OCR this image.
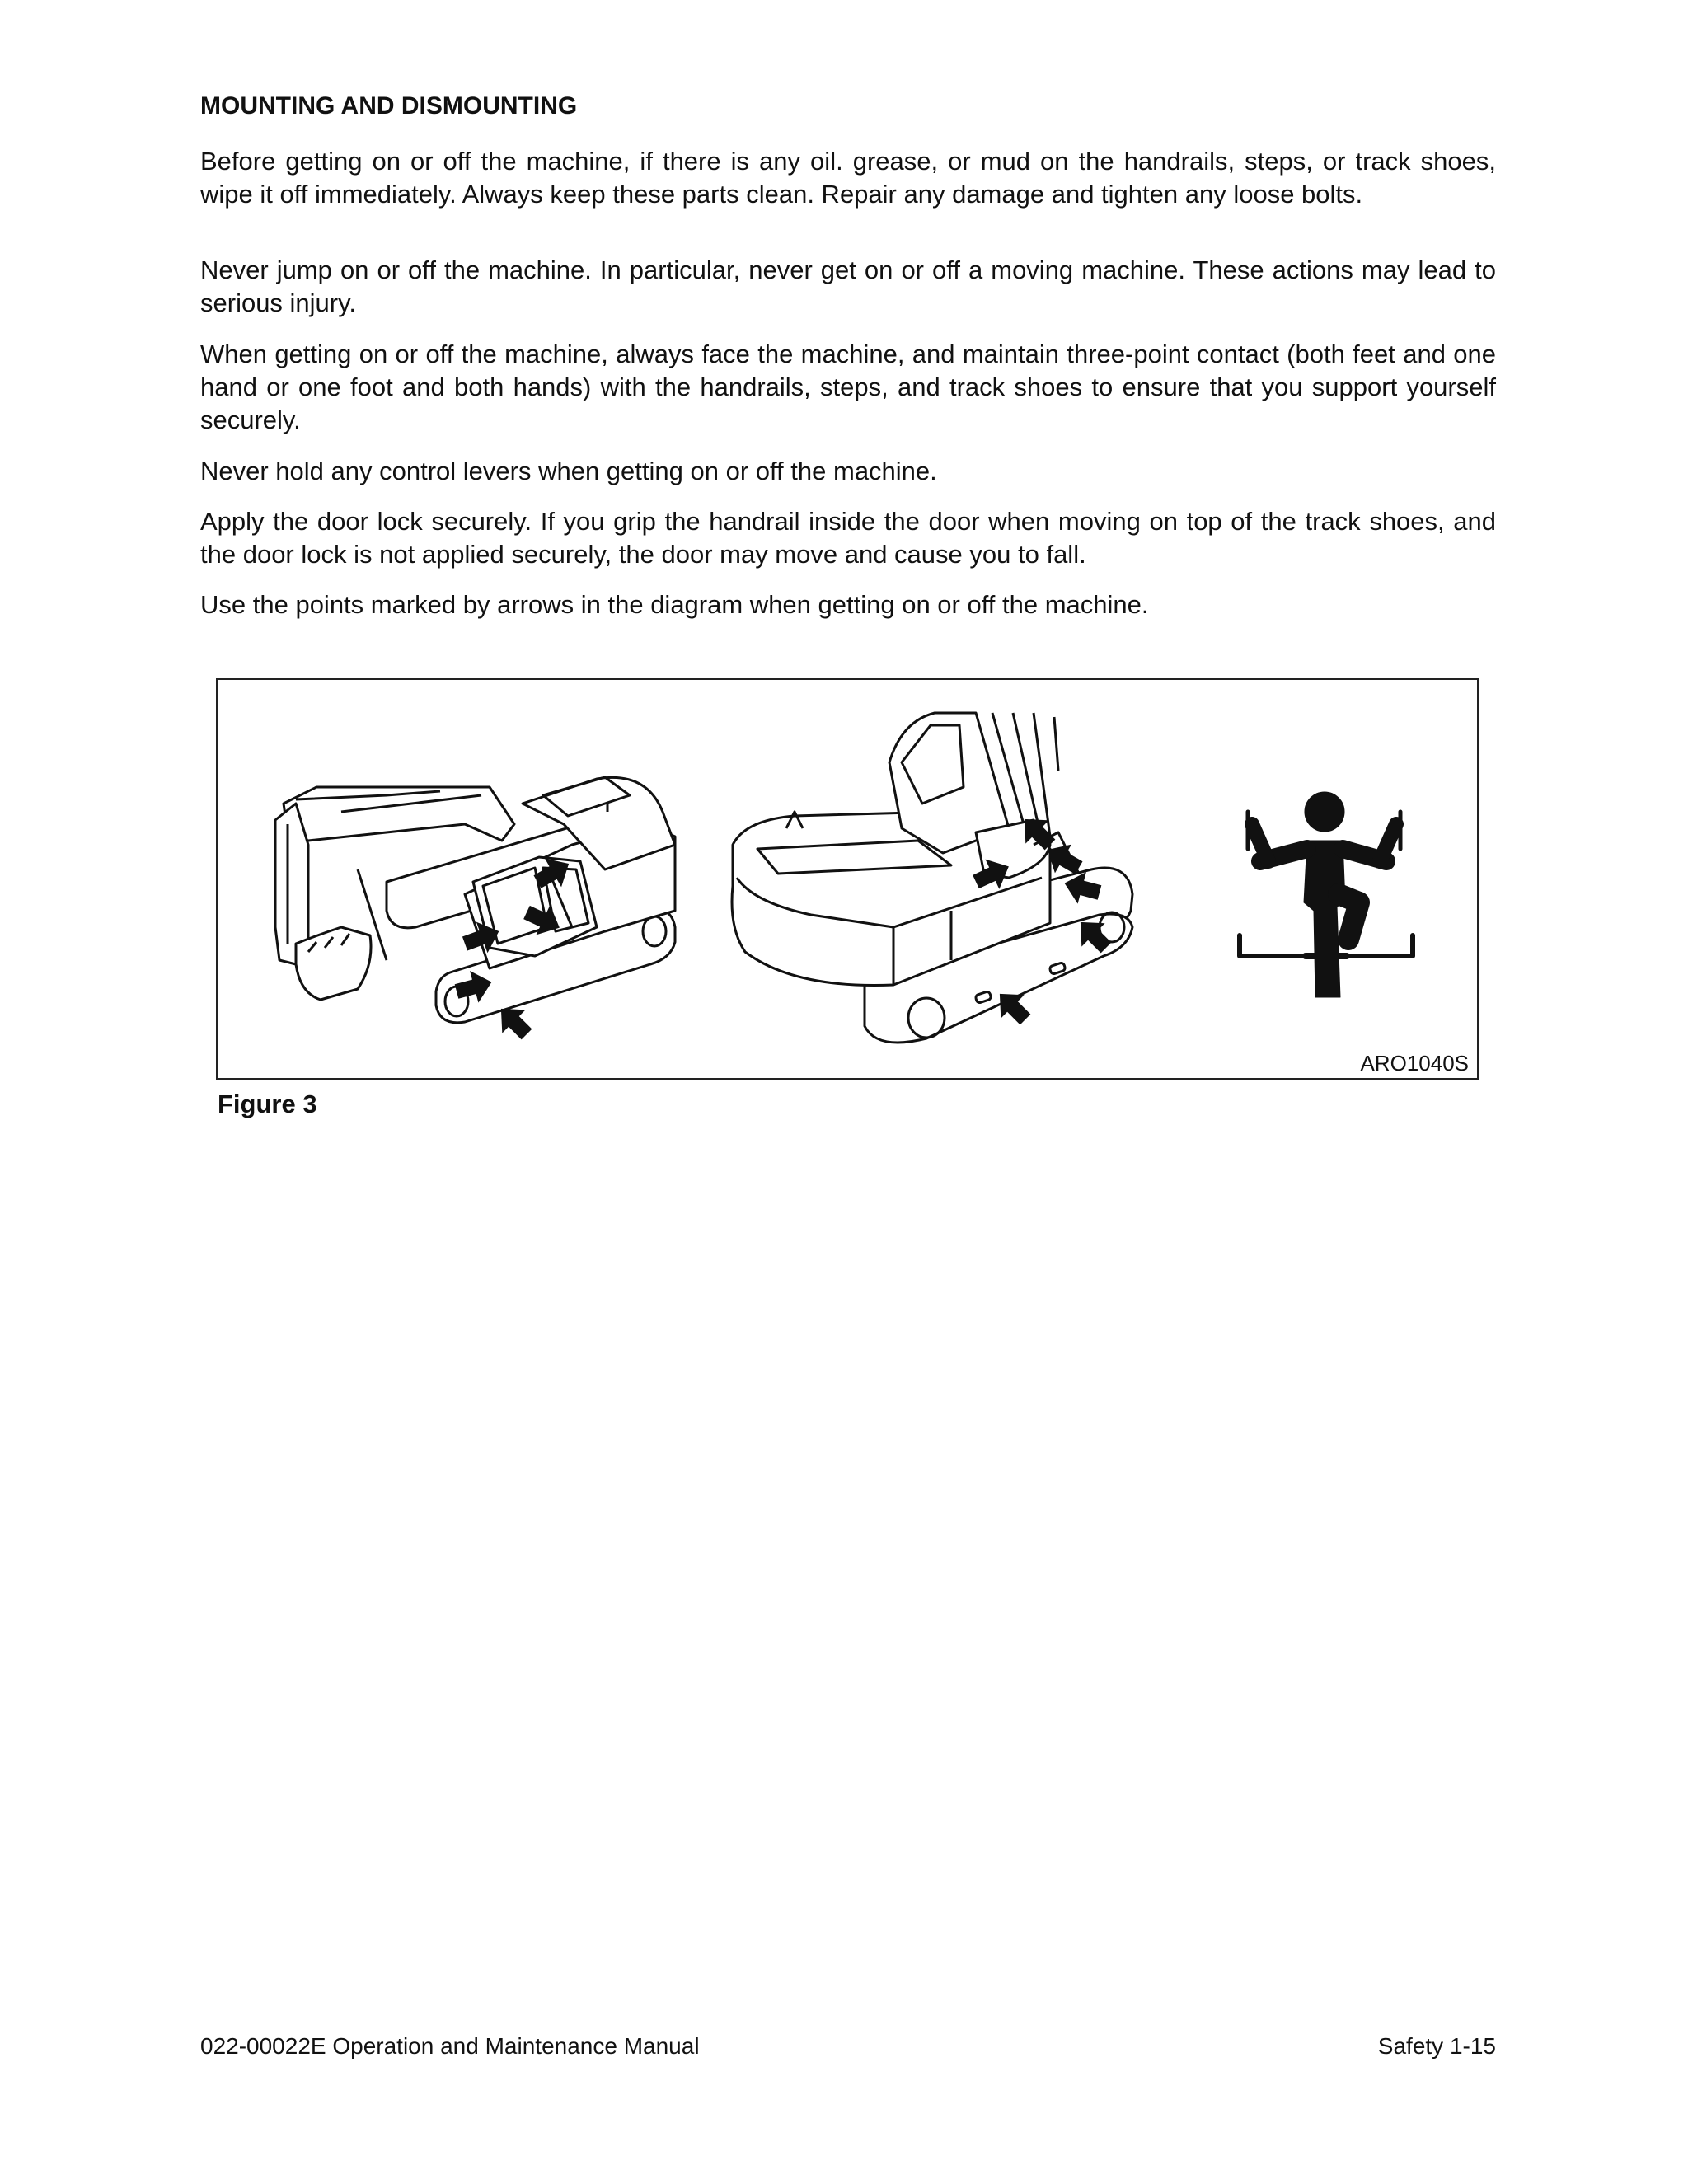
MOUNTING AND DISMOUNTING

Before getting on or off the machine, if there is any oil. grease, or mud on the handrails, steps, or track shoes, wipe it off immediately. Always keep these parts clean. Repair any damage and tighten any loose bolts.

Never jump on or off the machine. In particular, never get on or off a moving machine. These actions may lead to serious injury.

When getting on or off the machine, always face the machine, and maintain three-point contact (both feet and one hand or one foot and both hands) with the handrails, steps, and track shoes to ensure that you support yourself securely.

Never hold any control levers when getting on or off the machine.

Apply the door lock securely. If you grip the handrail inside the door when moving on top of the track shoes, and the door lock is not applied securely, the door may move and cause you to fall.

Use the points marked by arrows in the diagram when getting on or off the machine.

ARO1040S
Figure 3
022-00022E Operation and Maintenance Manual	Safety 1-15
